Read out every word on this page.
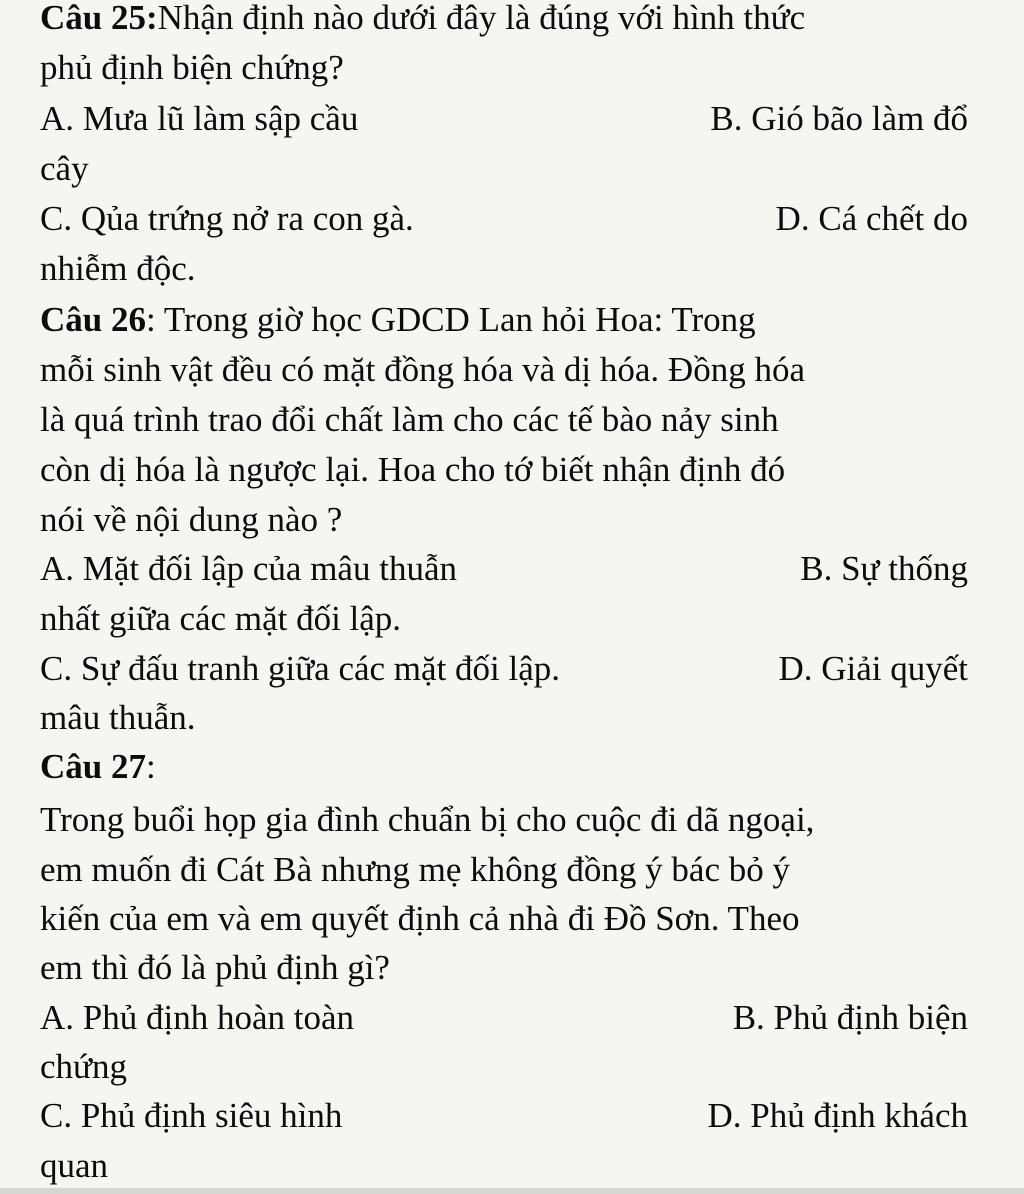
Câu 25:Nhận định nào dưới đây là đúng với hình thức
phủ định biện chứng?
A. Mưa lũ làm sập cầu	B. Gió bão làm đổ
cây
C. Qủa trứng nở ra con gà.	D. Cá chết do
nhiễm độc.
Câu 26: Trong giờ học GDCD Lan hỏi Hoa: Trong
mỗi sinh vật đều có mặt đồng hóa và dị hóa. Đồng hóa
là quá trình trao đổi chất làm cho các tế bào nảy sinh
còn dị hóa là ngược lại. Hoa cho tớ biết nhận định đó
nói về nội dung nào ?
A. Mặt đối lập của mâu thuẫn	B. Sự thống
nhất giữa các mặt đối lập.
C. Sự đấu tranh giữa các mặt đối lập.	D. Giải quyết
mâu thuẫn.
Câu 27:
Trong buổi họp gia đình chuẩn bị cho cuộc đi dã ngoại,
em muốn đi Cát Bà nhưng mẹ không đồng ý bác bỏ ý
kiến của em và em quyết định cả nhà đi Đồ Sơn. Theo
em thì đó là phủ định gì?
A. Phủ định hoàn toàn	B. Phủ định biện
chứng
C. Phủ định siêu hình	D. Phủ định khách
quan
